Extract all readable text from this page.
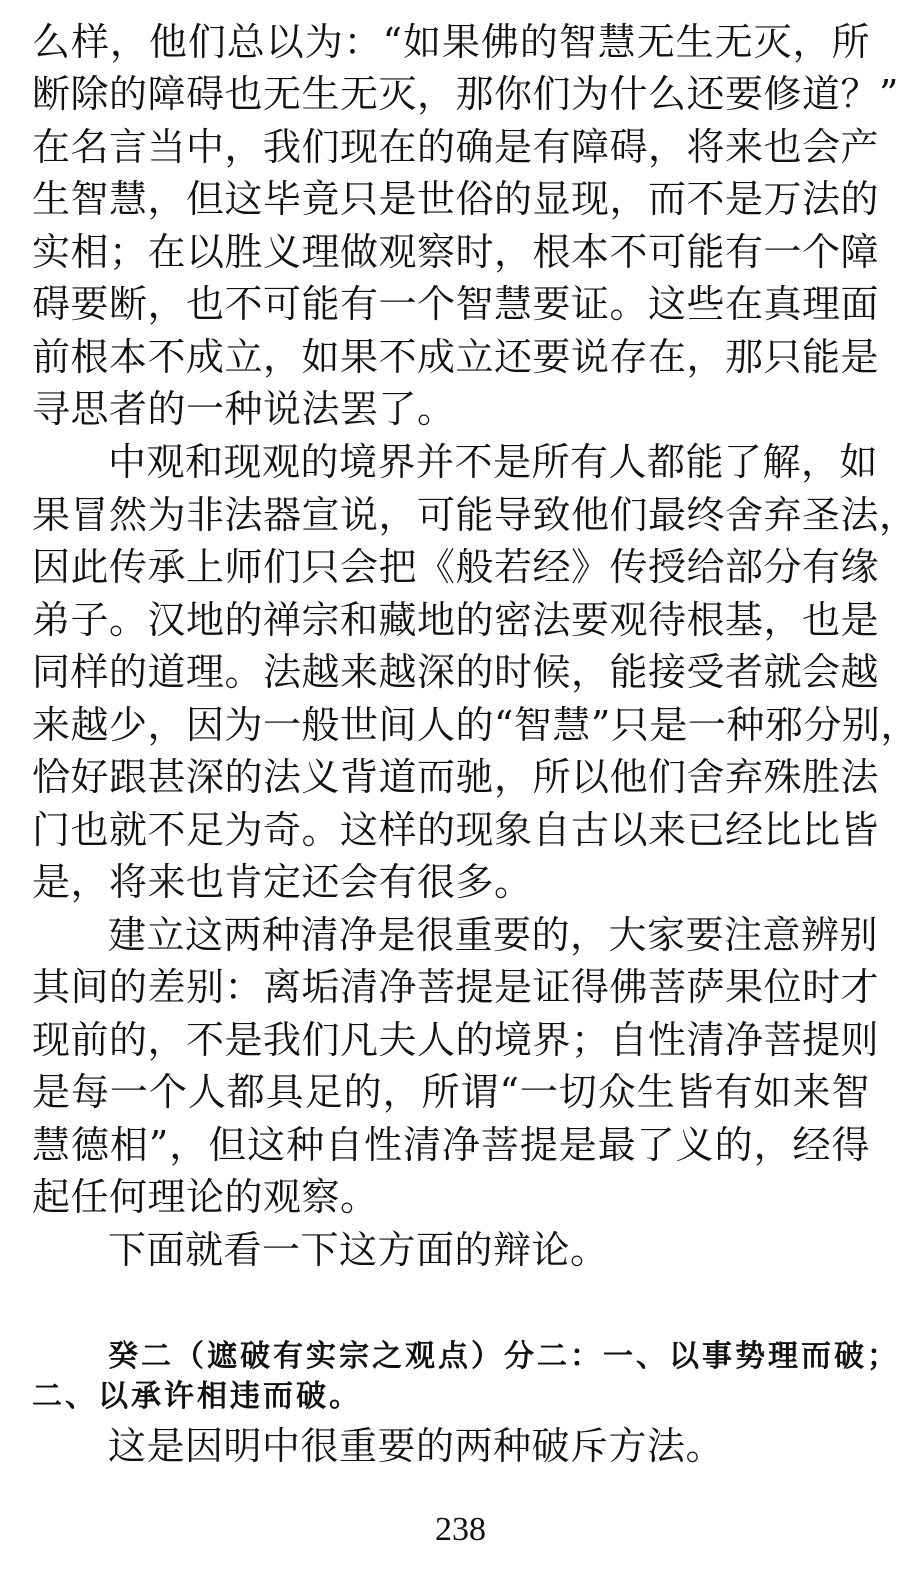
么样，他们总以为：“如果佛的智慧无生无灭，所
断除的障碍也无生无灭，那你们为什么还要修道？”
在名言当中，我们现在的确是有障碍，将来也会产
生智慧，但这毕竟只是世俗的显现，而不是万法的
实相；在以胜义理做观察时，根本不可能有一个障
碍要断，也不可能有一个智慧要证。这些在真理面
前根本不成立，如果不成立还要说存在，那只能是
寻思者的一种说法罢了。
中观和现观的境界并不是所有人都能了解，如
果冒然为非法器宣说，可能导致他们最终舍弃圣法，
因此传承上师们只会把《般若经》传授给部分有缘
弟子。汉地的禅宗和藏地的密法要观待根基，也是
同样的道理。法越来越深的时候，能接受者就会越
来越少，因为一般世间人的“智慧”只是一种邪分别，
恰好跟甚深的法义背道而驰，所以他们舍弃殊胜法
门也就不足为奇。这样的现象自古以来已经比比皆
是，将来也肯定还会有很多。
建立这两种清净是很重要的，大家要注意辨别
其间的差别：离垢清净菩提是证得佛菩萨果位时才
现前的，不是我们凡夫人的境界；自性清净菩提则
是每一个人都具足的，所谓“一切众生皆有如来智
慧德相”，但这种自性清净菩提是最了义的，经得
起任何理论的观察。
下面就看一下这方面的辩论。
癸二（遮破有实宗之观点）分二：一、以事势理而破；
二、以承许相违而破。
这是因明中很重要的两种破斥方法。
238
